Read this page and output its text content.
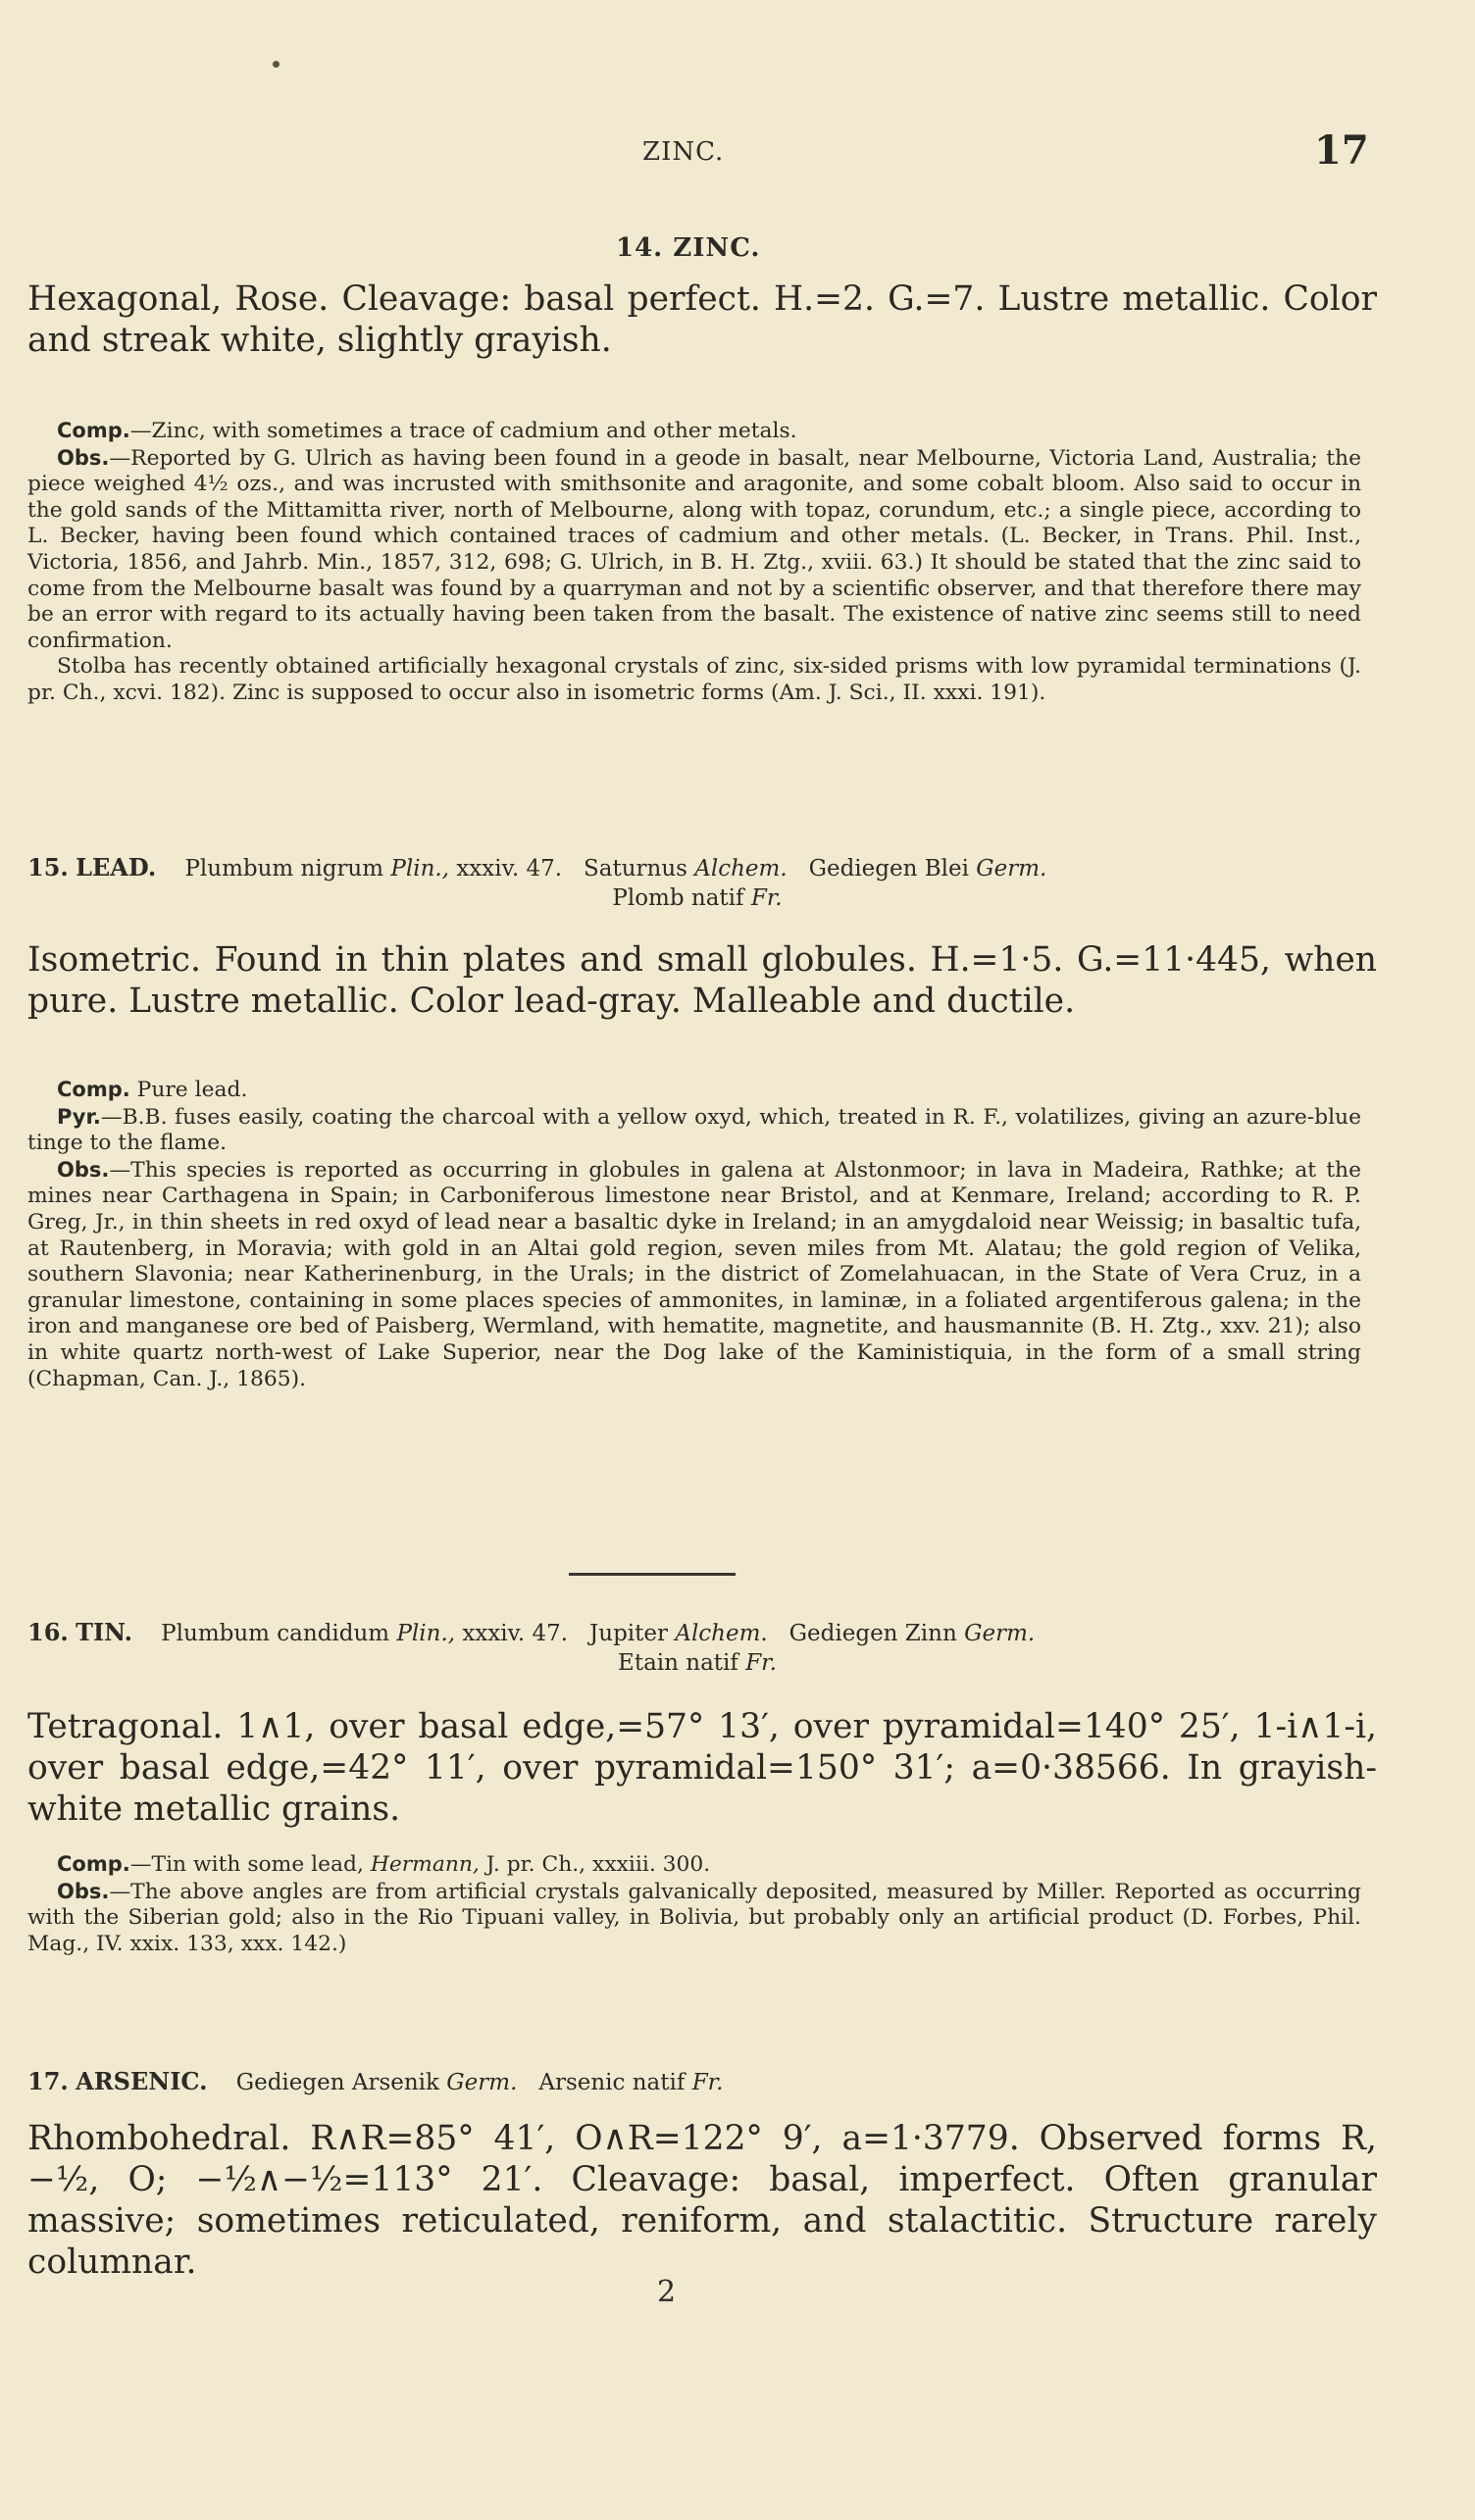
ZINC.	17
14. ZINC.
Hexagonal, Rose. Cleavage: basal perfect. H.=2. G.=7. Lustre metallic. Color and streak white, slightly grayish.

Comp.—Zinc, with sometimes a trace of cadmium and other metals.

Obs.—Reported by G. Ulrich as having been found in a geode in basalt, near Melbourne, Victoria Land, Australia; the piece weighed 4½ ozs., and was incrusted with smithsonite and aragonite, and some cobalt bloom. Also said to occur in the gold sands of the Mittamitta river, north of Melbourne, along with topaz, corundum, etc.; a single piece, according to L. Becker, having been found which contained traces of cadmium and other metals. (L. Becker, in Trans. Phil. Inst., Victoria, 1856, and Jahrb. Min., 1857, 312, 698; G. Ulrich, in B. H. Ztg., xviii. 63.) It should be stated that the zinc said to come from the Melbourne basalt was found by a quarryman and not by a scientific observer, and that therefore there may be an error with regard to its actually having been taken from the basalt. The existence of native zinc seems still to need confirmation.

Stolba has recently obtained artificially hexagonal crystals of zinc, six-sided prisms with low pyramidal terminations (J. pr. Ch., xcvi. 182). Zinc is supposed to occur also in isometric forms (Am. J. Sci., II. xxxi. 191).

15. LEAD. Plumbum nigrum Plin., xxxiv. 47. Saturnus Alchem. Gediegen Blei Germ.
Plomb natif Fr.
Isometric. Found in thin plates and small globules. H.=1·5. G.=11·445, when pure. Lustre metallic. Color lead-gray. Malleable and ductile.

Comp. Pure lead.

Pyr.—B.B. fuses easily, coating the charcoal with a yellow oxyd, which, treated in R. F., volatilizes, giving an azure-blue tinge to the flame.

Obs.—This species is reported as occurring in globules in galena at Alstonmoor; in lava in Madeira, Rathke; at the mines near Carthagena in Spain; in Carboniferous limestone near Bristol, and at Kenmare, Ireland; according to R. P. Greg, Jr., in thin sheets in red oxyd of lead near a basaltic dyke in Ireland; in an amygdaloid near Weissig; in basaltic tufa, at Rautenberg, in Moravia; with gold in an Altai gold region, seven miles from Mt. Alatau; the gold region of Velika, southern Slavonia; near Katherinenburg, in the Urals; in the district of Zomelahuacan, in the State of Vera Cruz, in a granular limestone, containing in some places species of ammonites, in laminæ, in a foliated argentiferous galena; in the iron and manganese ore bed of Paisberg, Wermland, with hematite, magnetite, and hausmannite (B. H. Ztg., xxv. 21); also in white quartz north-west of Lake Superior, near the Dog lake of the Kaministiquia, in the form of a small string (Chapman, Can. J., 1865).

16. TIN. Plumbum candidum Plin., xxxiv. 47. Jupiter Alchem. Gediegen Zinn Germ.
Etain natif Fr.
Tetragonal. 1∧1, over basal edge,=57° 13′, over pyramidal=140° 25′, 1-i∧1-i, over basal edge,=42° 11′, over pyramidal=150° 31′; a=0·38566. In grayish-white metallic grains.

Comp.—Tin with some lead, Hermann, J. pr. Ch., xxxiii. 300.

Obs.—The above angles are from artificial crystals galvanically deposited, measured by Miller. Reported as occurring with the Siberian gold; also in the Rio Tipuani valley, in Bolivia, but probably only an artificial product (D. Forbes, Phil. Mag., IV. xxix. 133, xxx. 142.)

17. ARSENIC. Gediegen Arsenik Germ. Arsenic natif Fr.
Rhombohedral. R∧R=85° 41′, O∧R=122° 9′, a=1·3779. Observed forms R, −½, O; −½∧−½=113° 21′. Cleavage: basal, imperfect. Often granular massive; sometimes reticulated, reniform, and stalactitic. Structure rarely columnar.
2
